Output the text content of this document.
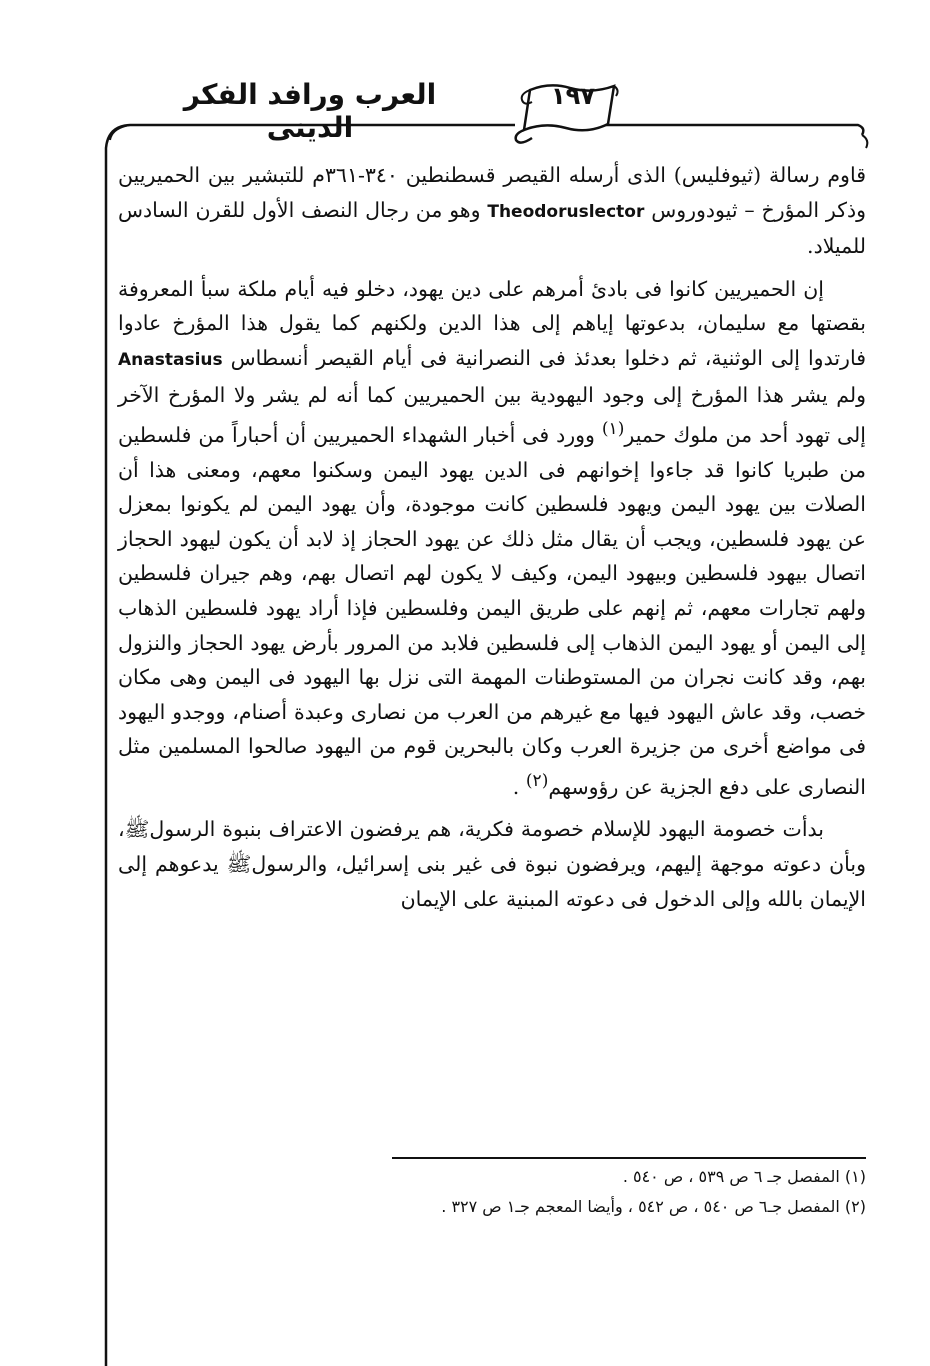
١٩٧
العرب ورافد الفكر الدينى

قاوم رسالة (ثيوفليس) الذى أرسله القيصر قسطنطين ٣٤٠-٣٦١م للتبشير بين الحميريين وذكر المؤرخ – ثيودوروس Theodoruslector وهو من رجال النصف الأول للقرن السادس للميلاد.

إن الحميريين كانوا فى بادئ أمرهم على دين يهود، دخلو فيه أيام ملكة سبأ المعروفة بقصتها مع سليمان، بدعوتها إياهم إلى هذا الدين ولكنهم كما يقول هذا المؤرخ عادوا فارتدوا إلى الوثنية، ثم دخلوا بعدئذ فى النصرانية فى أيام القيصر أنسطاس Anastasius ولم يشر هذا المؤرخ إلى وجود اليهودية بين الحميريين كما أنه لم يشر ولا المؤرخ الآخر إلى تهود أحد من ملوك حمير$^{(١)}$ وورد فى أخبار الشهداء الحميريين أن أحباراً من فلسطين من طبريا كانوا قد جاءوا إخوانهم فى الدين يهود اليمن وسكنوا معهم، ومعنى هذا أن الصلات بين يهود اليمن ويهود فلسطين كانت موجودة، وأن يهود اليمن لم يكونوا بمعزل عن يهود فلسطين، ويجب أن يقال مثل ذلك عن يهود الحجاز إذ لابد أن يكون ليهود الحجاز اتصال بيهود فلسطين وبيهود اليمن، وكيف لا يكون لهم اتصال بهم، وهم جيران فلسطين ولهم تجارات معهم، ثم إنهم على طريق اليمن وفلسطين فإذا أراد يهود فلسطين الذهاب إلى اليمن أو يهود اليمن الذهاب إلى فلسطين فلابد من المرور بأرض يهود الحجاز والنزول بهم، وقد كانت نجران من المستوطنات المهمة التى نزل بها اليهود فى اليمن وهى مكان خصب، وقد عاش اليهود فيها مع غيرهم من العرب من نصارى وعبدة أصنام، ووجدو اليهود فى مواضع أخرى من جزيرة العرب وكان بالبحرين قوم من اليهود صالحوا المسلمين مثل النصارى على دفع الجزية عن رؤوسهم$^{(٢)}$ .

بدأت خصومة اليهود للإسلام خصومة فكرية، هم يرفضون الاعتراف بنبوة الرسولﷺ، وبأن دعوته موجهة إليهم، ويرفضون نبوة فى غير بنى إسرائيل، والرسولﷺ يدعوهم إلى الإيمان بالله وإلى الدخول فى دعوته المبنية على الإيمان

(١) المفصل جـ ٦ ص ٥٣٩ ، ص ٥٤٠ .

(٢) المفصل جـ٦ ص ٥٤٠ ، ص ٥٤٢ ، وأيضا المعجم جـ١ ص ٣٢٧ .
